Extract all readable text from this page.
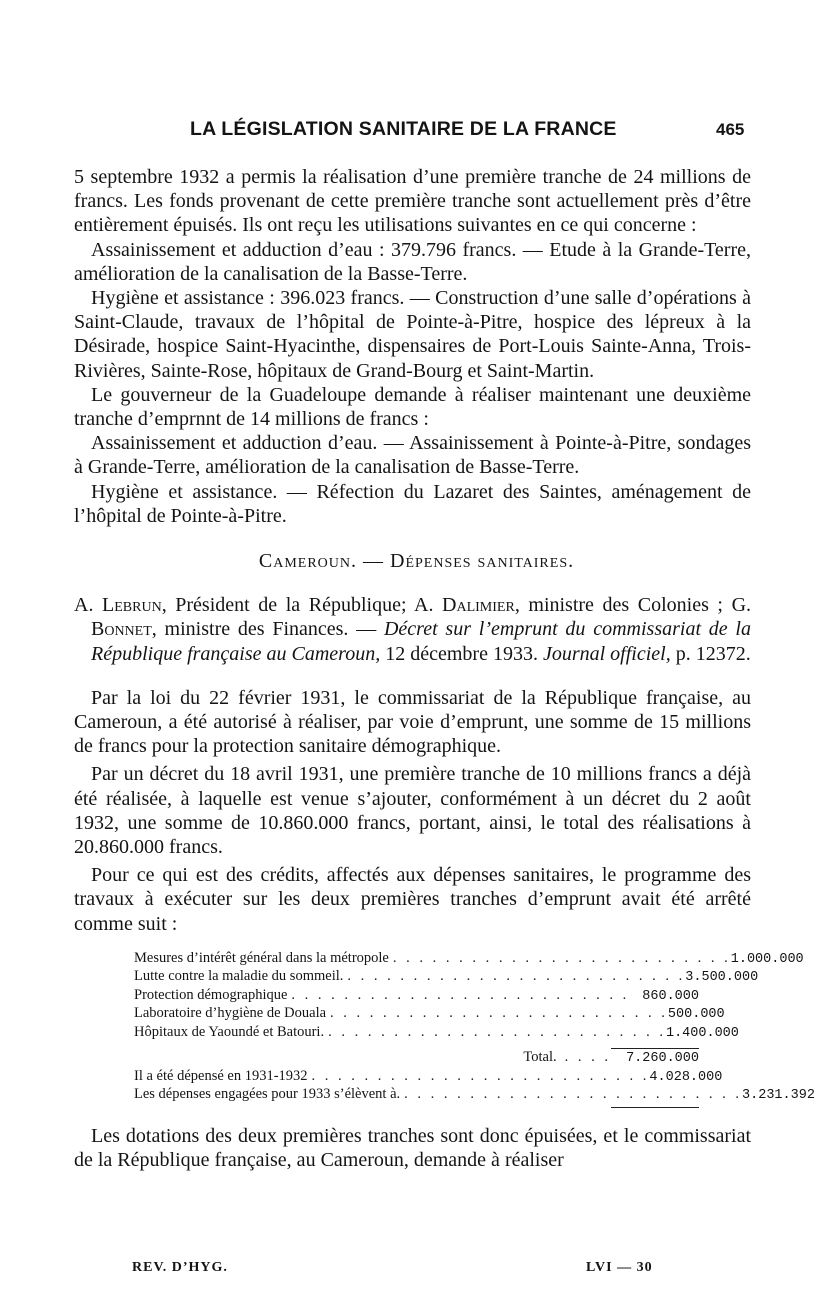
LA LÉGISLATION SANITAIRE DE LA FRANCE	465

5 septembre 1932 a permis la réalisation d’une première tranche de 24 millions de francs. Les fonds provenant de cette première tranche sont actuellement près d’être entièrement épuisés. Ils ont reçu les utilisations suivantes en ce qui concerne :

Assainissement et adduction d’eau : 379.796 francs. — Etude à la Grande-Terre, amélioration de la canalisation de la Basse-Terre.

Hygiène et assistance : 396.023 francs. — Construction d’une salle d’opérations à Saint-Claude, travaux de l’hôpital de Pointe-à-Pitre, hospice des lépreux à la Désirade, hospice Saint-Hyacinthe, dispensaires de Port-Louis Sainte-Anna, Trois-Rivières, Sainte-Rose, hôpitaux de Grand-Bourg et Saint-Martin.

Le gouverneur de la Guadeloupe demande à réaliser maintenant une deuxième tranche d’emprnnt de 14 millions de francs :

Assainissement et adduction d’eau. — Assainissement à Pointe-à-Pitre, sondages à Grande-Terre, amélioration de la canalisation de Basse-Terre.

Hygiène et assistance. — Réfection du Lazaret des Saintes, aménagement de l’hôpital de Pointe-à-Pitre.

Cameroun. — Dépenses sanitaires.

A. Lebrun, Président de la République; A. Dalimier, ministre des Colonies ; G. Bonnet, ministre des Finances. — Décret sur l’emprunt du commissariat de la République française au Cameroun, 12 décembre 1933. Journal officiel, p. 12372.

Par la loi du 22 février 1931, le commissariat de la République française, au Cameroun, a été autorisé à réaliser, par voie d’emprunt, une somme de 15 millions de francs pour la protection sanitaire démographique.

Par un décret du 18 avril 1931, une première tranche de 10 millions francs a déjà été réalisée, à laquelle est venue s’ajouter, conformément à un décret du 2 août 1932, une somme de 10.860.000 francs, portant, ainsi, le total des réalisations à 20.860.000 francs.

Pour ce qui est des crédits, affectés aux dépenses sanitaires, le programme des travaux à exécuter sur les deux premières tranches d’emprunt avait été arrêté comme suit :

Mesures d’intérêt général dans la métropole . . . . . . . . . . . . . . . . . . . . . . . . . . 1.000.000
Lutte contre la maladie du sommeil. . . . . . . . . . . . . . . . . . . . . . . . . . . 3.500.000
Protection démographique . . . . . . . . . . . . . . . . . . . . . . . . . . 860.000
Laboratoire d’hygiène de Douala . . . . . . . . . . . . . . . . . . . . . . . . . . 500.000
Hôpitaux de Yaoundé et Batouri. . . . . . . . . . . . . . . . . . . . . . . . . . . 1.400.000
Total. . . . .	7.260.000
Il a été dépensé en 1931-1932 . . . . . . . . . . . . . . . . . . . . . . . . . . 4.028.000
Les dépenses engagées pour 1933 s’élèvent à. . . . . . . . . . . . . . . . . . . . . . . . . . . 3.231.392

Les dotations des deux premières tranches sont donc épuisées, et le commissariat de la République française, au Cameroun, demande à réaliser

REV. D’HYG.	LVI — 30
